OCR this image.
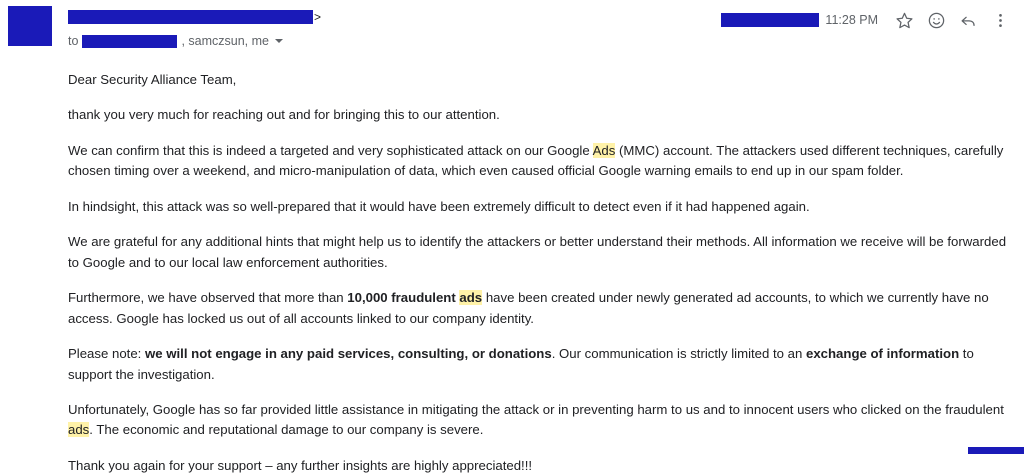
>
to	, samczsun, me
11:28 PM

Dear Security Alliance Team,

thank you very much for reaching out and for bringing this to our attention.

We can confirm that this is indeed a targeted and very sophisticated attack on our Google Ads (MMC) account. The attackers used different techniques, carefully chosen timing over a weekend, and micro-manipulation of data, which even caused official Google warning emails to end up in our spam folder.

In hindsight, this attack was so well-prepared that it would have been extremely difficult to detect even if it had happened again.

We are grateful for any additional hints that might help us to identify the attackers or better understand their methods. All information we receive will be forwarded to Google and to our local law enforcement authorities.

Furthermore, we have observed that more than 10,000 fraudulent ads have been created under newly generated ad accounts, to which we currently have no access. Google has locked us out of all accounts linked to our company identity.

Please note: we will not engage in any paid services, consulting, or donations. Our communication is strictly limited to an exchange of information to support the investigation.

Unfortunately, Google has so far provided little assistance in mitigating the attack or in preventing harm to us and to innocent users who clicked on the fraudulent ads. The economic and reputational damage to our company is severe.

Thank you again for your support – any further insights are highly appreciated!!!
